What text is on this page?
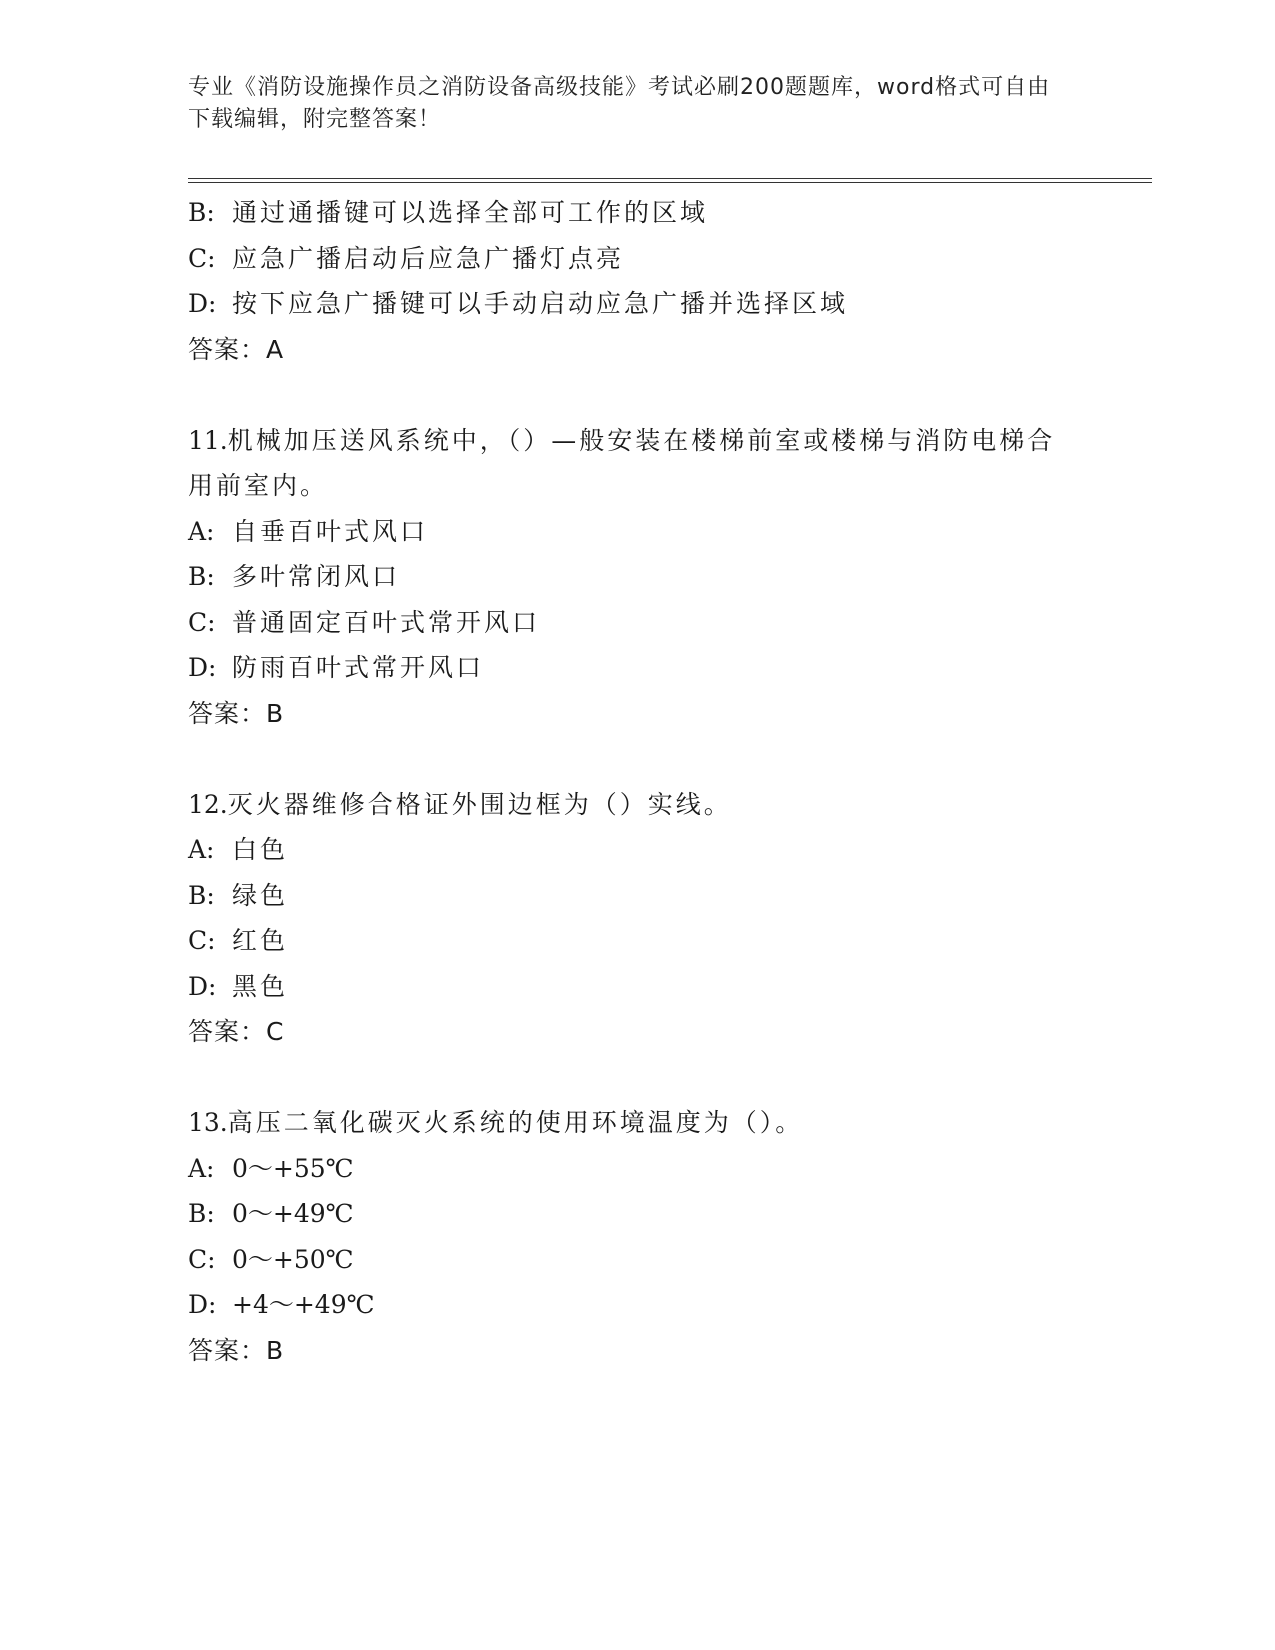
专业《消防设施操作员之消防设备高级技能》考试必刷200题题库，word格式可自由下载编辑，附完整答案！
B: 通过通播键可以选择全部可工作的区域
C: 应急广播启动后应急广播灯点亮
D: 按下应急广播键可以手动启动应急广播并选择区域
答案：A
11.机械加压送风系统中，（）—般安装在楼梯前室或楼梯与消防电梯合用前室内。
A: 自垂百叶式风口
B: 多叶常闭风口
C: 普通固定百叶式常开风口
D: 防雨百叶式常开风口
答案：B
12.灭火器维修合格证外围边框为（）实线。
A: 白色
B: 绿色
C: 红色
D: 黑色
答案：C
13.高压二氧化碳灭火系统的使用环境温度为（）。
A: 0～+55℃
B: 0～+49℃
C: 0～+50℃
D: +4～+49℃
答案：B
